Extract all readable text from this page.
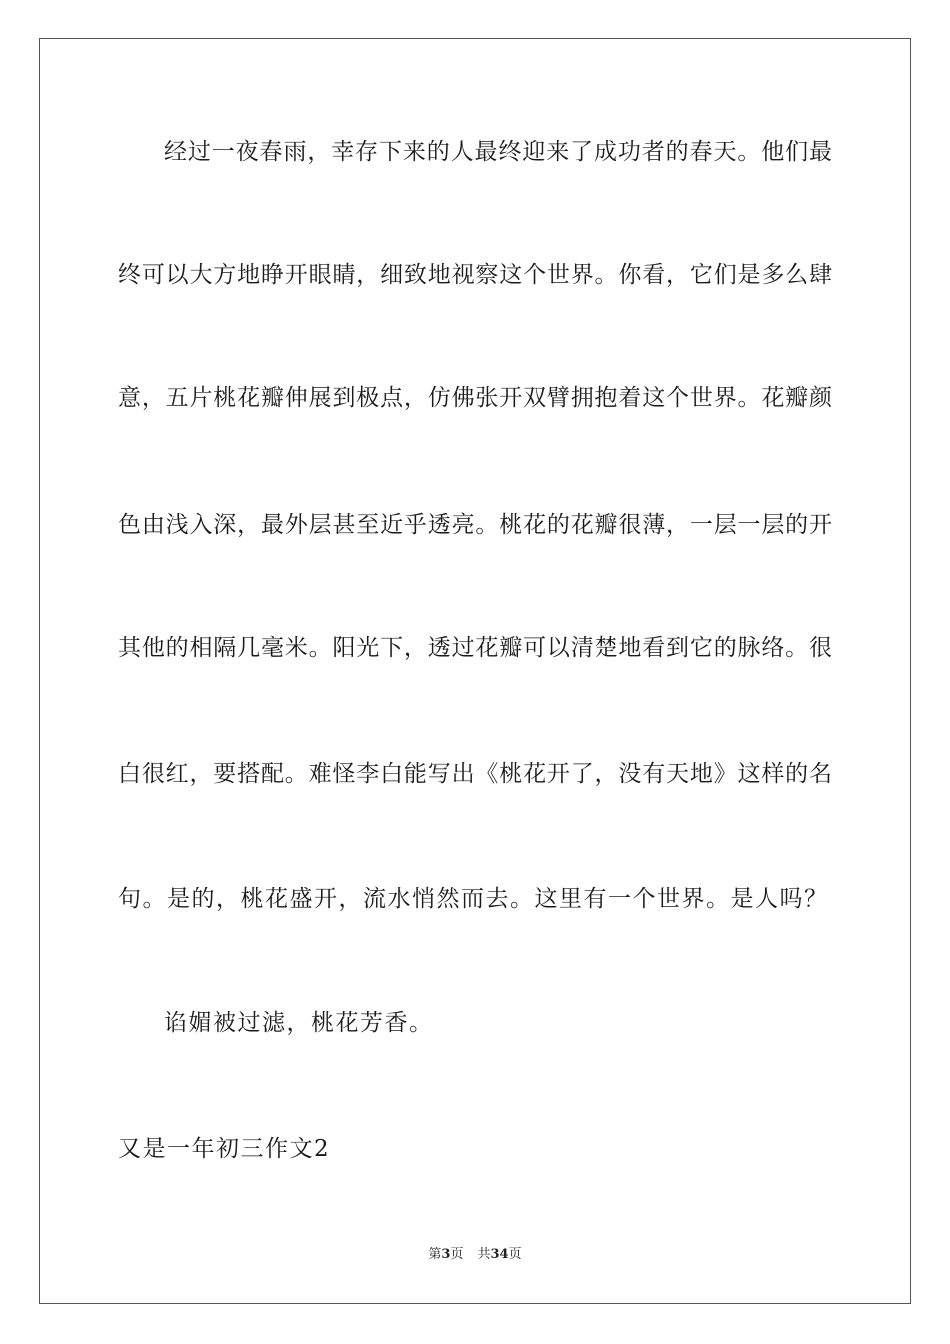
经过一夜春雨，幸存下来的人最终迎来了成功者的春天。他们最
终可以大方地睁开眼睛，细致地视察这个世界。你看，它们是多么肆
意，五片桃花瓣伸展到极点，仿佛张开双臂拥抱着这个世界。花瓣颜
色由浅入深，最外层甚至近乎透亮。桃花的花瓣很薄，一层一层的开
其他的相隔几毫米。阳光下，透过花瓣可以清楚地看到它的脉络。很
白很红，要搭配。难怪李白能写出《桃花开了，没有天地》这样的名
句。是的，桃花盛开，流水悄然而去。这里有一个世界。是人吗？
谄媚被过滤，桃花芳香。
又是一年初三作文2
第3页 共34页
